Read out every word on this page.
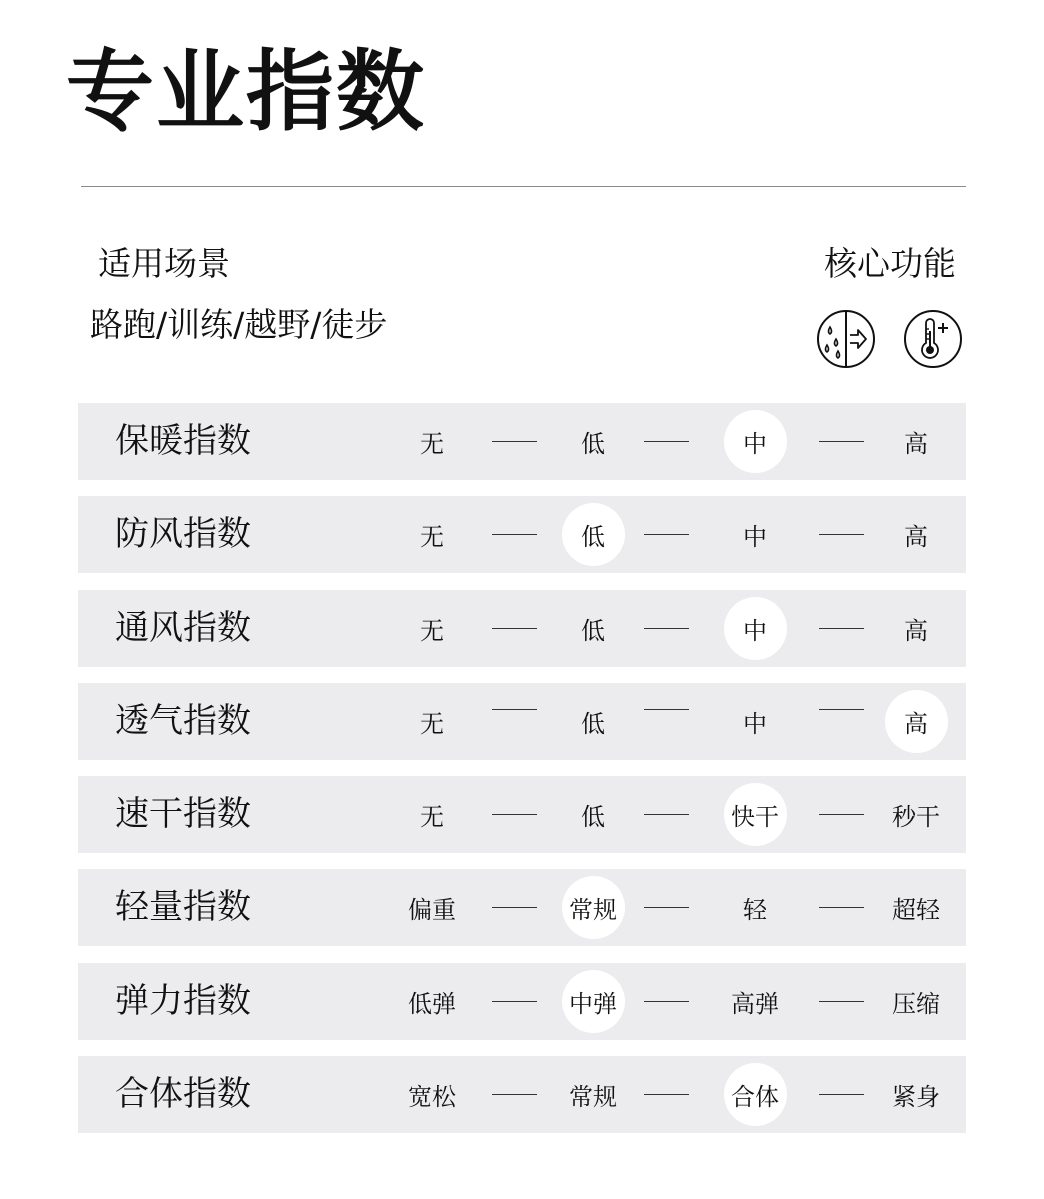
专业指数
适用场景
路跑/训练/越野/徒步
核心功能
保暖指数	无	低	中	高
防风指数	无	低	中	高
通风指数	无	低	中	高
透气指数	无	低	中	高
速干指数	无	低	快干	秒干
轻量指数	偏重	常规	轻	超轻
弹力指数	低弹	中弹	高弹	压缩
合体指数	宽松	常规	合体	紧身
